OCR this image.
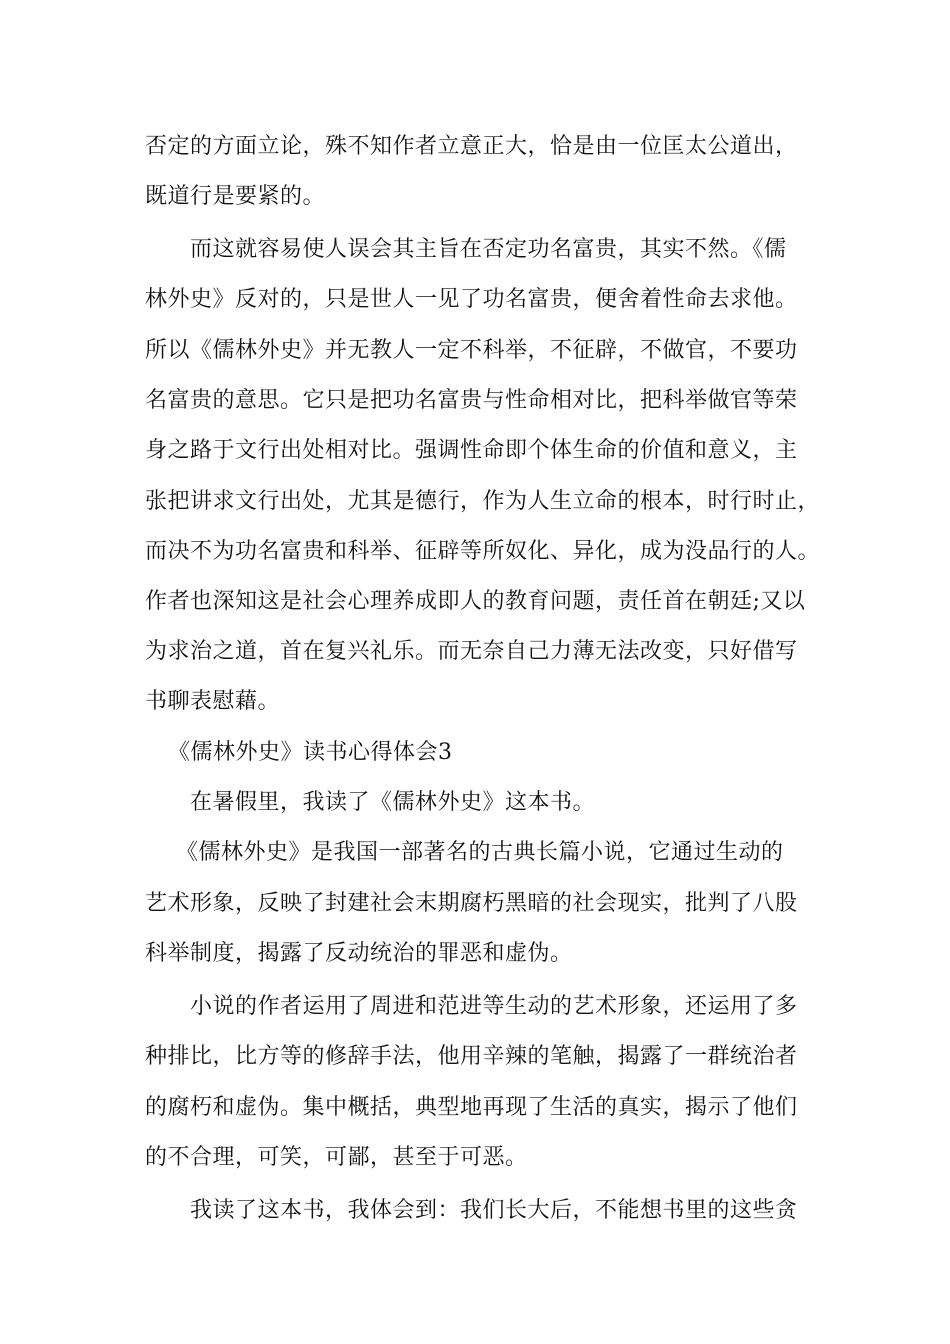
否定的方面立论，殊不知作者立意正大，恰是由一位匡太公道出，
既道行是要紧的。
而这就容易使人误会其主旨在否定功名富贵，其实不然。《儒
林外史》反对的，只是世人一见了功名富贵，便舍着性命去求他。
所以《儒林外史》并无教人一定不科举，不征辟，不做官，不要功
名富贵的意思。它只是把功名富贵与性命相对比，把科举做官等荣
身之路于文行出处相对比。强调性命即个体生命的价值和意义，主
张把讲求文行出处，尤其是德行，作为人生立命的根本，时行时止，
而决不为功名富贵和科举、征辟等所奴化、异化，成为没品行的人。
作者也深知这是社会心理养成即人的教育问题，责任首在朝廷;又以
为求治之道，首在复兴礼乐。而无奈自己力薄无法改变，只好借写
书聊表慰藉。
《儒林外史》读书心得体会3
在暑假里，我读了《儒林外史》这本书。
《儒林外史》是我国一部著名的古典长篇小说，它通过生动的
艺术形象，反映了封建社会末期腐朽黑暗的社会现实，批判了八股
科举制度，揭露了反动统治的罪恶和虚伪。
小说的作者运用了周进和范进等生动的艺术形象，还运用了多
种排比，比方等的修辞手法，他用辛辣的笔触，揭露了一群统治者
的腐朽和虚伪。集中概括，典型地再现了生活的真实，揭示了他们
的不合理，可笑，可鄙，甚至于可恶。
我读了这本书，我体会到：我们长大后，不能想书里的这些贪
